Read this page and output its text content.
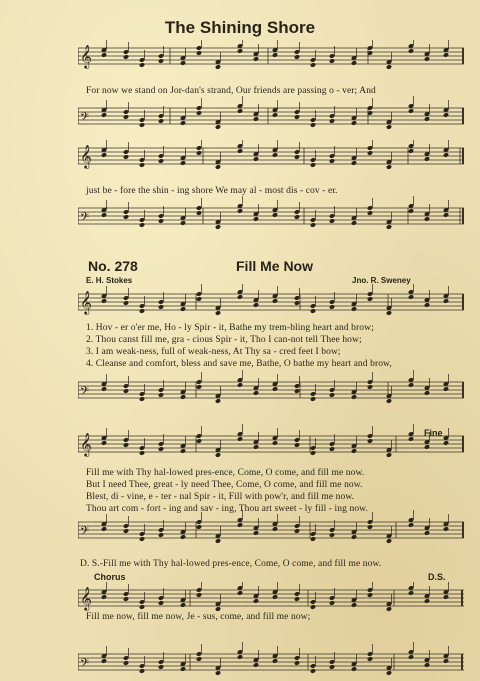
The Shining Shore
𝄞
𝄢
For now we stand on Jor-dan's strand, Our friends are passing o - ver; And
𝄞
𝄢
just be - fore the shin - ing shore We may al - most dis - cov - er.
No. 278	Fill Me Now
E. H. Stokes	Jno. R. Sweney
𝄞
𝄢
1. Hov - er o'er me, Ho - ly Spir - it, Bathe my trem-bling heart and brow;
2. Thou canst fill me, gra - cious Spir - it, Tho I can-not tell Thee how;
3. I am weak-ness, full of weak-ness, At Thy sa - cred feet I bow;
4. Cleanse and comfort, bless and save me, Bathe, O bathe my heart and brow,
𝄞
𝄢
Fine
Fill me with Thy hal-lowed pres-ence, Come, O come, and fill me now.
But I need Thee, great - ly need Thee, Come, O come, and fill me now.
Blest, di - vine, e - ter - nal Spir - it, Fill with pow'r, and fill me now.
Thou art com - fort - ing and sav - ing, Thou art sweet - ly fill - ing now.
D. S.-Fill me with Thy hal-lowed pres-ence, Come, O come, and fill me now.
Chorus	D.S.
𝄞
𝄢
Fill me now, fill me now, Je - sus, come, and fill me now;
